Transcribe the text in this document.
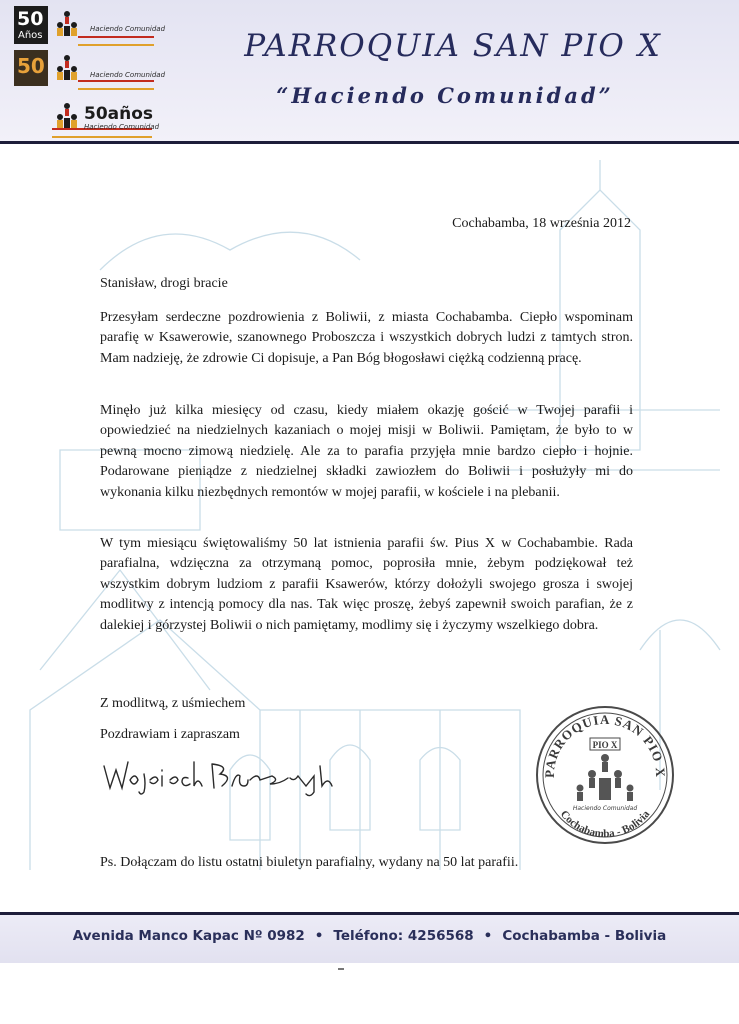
50
Años
Haciendo Comunidad
50	Haciendo Comunidad
50años
Haciendo Comunidad
PARROQUIA SAN PIO X
“Haciendo Comunidad”
Cochabamba, 18 września 2012
Stanisław, drogi bracie
Przesyłam serdeczne pozdrowienia z Boliwii, z miasta Cochabamba. Ciepło wspominam parafię w Ksawerowie, szanownego Proboszcza i wszystkich dobrych ludzi z tamtych stron. Mam nadzieję, że zdrowie Ci dopisuje, a Pan Bóg błogosławi ciężką codzienną pracę.
Minęło już kilka miesięcy od czasu, kiedy miałem okazję gościć w Twojej parafii i opowiedzieć na niedzielnych kazaniach o mojej misji w Boliwii. Pamiętam, że było to w pewną mocno zimową niedzielę. Ale za to parafia przyjęła mnie bardzo ciepło i hojnie. Podarowane pieniądze z niedzielnej składki zawiozłem do Boliwii i posłużyły mi do wykonania kilku niezbędnych remontów w mojej parafii, w kościele i na plebanii.
W tym miesiącu świętowaliśmy 50 lat istnienia parafii św. Pius X w Cochabambie. Rada parafialna, wdzięczna za otrzymaną pomoc, poprosiła mnie, żebym podziękował też wszystkim dobrym ludziom z parafii Ksawerów, którzy dołożyli swojego grosza i swojej modlitwy z intencją pomocy dla nas. Tak więc proszę, żebyś zapewnił swoich parafian, że z dalekiej i górzystej Boliwii o nich pamiętamy, modlimy się i życzymy wszelkiego dobra.
Z modlitwą, z uśmiechem
Pozdrawiam i zapraszam
Ps. Dołączam do listu ostatni biuletyn parafialny, wydany na 50 lat parafii.
PARROQUIA SAN PIO X
Cochabamba - Bolivia
PIO X
Haciendo Comunidad
Avenida Manco Kapac Nº 0982 • Teléfono: 4256568 • Cochabamba - Bolivia
